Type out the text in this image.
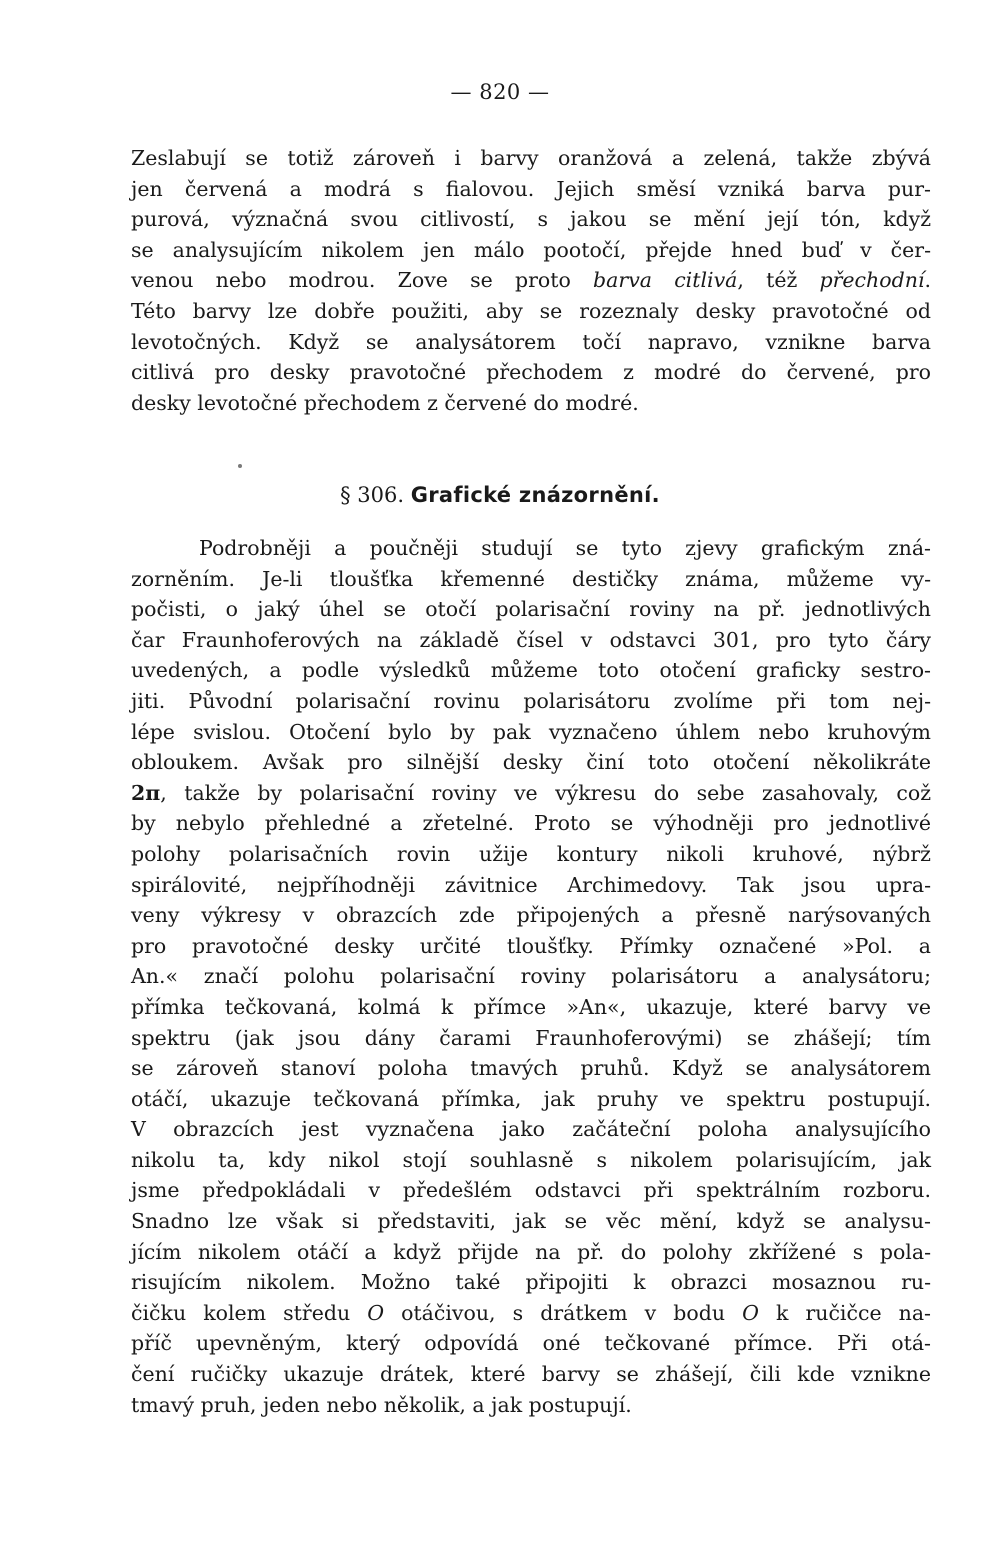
— 820 —
Zeslabují se totiž zároveň i barvy oranžová a zelená, takže zbývá
jen červená a modrá s fialovou. Jejich směsí vzniká barva pur-
purová, význačná svou citlivostí, s jakou se mění její tón, když
se analysujícím nikolem jen málo pootočí, přejde hned buď v čer-
venou nebo modrou. Zove se proto barva citlivá, též přechodní.
Této barvy lze dobře použiti, aby se rozeznaly desky pravotočné od
levotočných. Když se analysátorem točí napravo, vznikne barva
citlivá pro desky pravotočné přechodem z modré do červené, pro
desky levotočné přechodem z červené do modré.
§ 306. Grafické znázornění.
Podrobněji a poučněji studují se tyto zjevy grafickým zná-
zorněním. Je-li tloušťka křemenné destičky známa, můžeme vy-
počisti, o jaký úhel se otočí polarisační roviny na př. jednotlivých
čar Fraunhoferových na základě čísel v odstavci 301, pro tyto čáry
uvedených, a podle výsledků můžeme toto otočení graficky sestro-
jiti. Původní polarisační rovinu polarisátoru zvolíme při tom nej-
lépe svislou. Otočení bylo by pak vyznačeno úhlem nebo kruhovým
obloukem. Avšak pro silnější desky činí toto otočení několikráte
2π, takže by polarisační roviny ve výkresu do sebe zasahovaly, což
by nebylo přehledné a zřetelné. Proto se výhodněji pro jednotlivé
polohy polarisačních rovin užije kontury nikoli kruhové, nýbrž
spirálovité, nejpříhodněji závitnice Archimedovy. Tak jsou upra-
veny výkresy v obrazcích zde připojených a přesně narýsovaných
pro pravotočné desky určité tloušťky. Přímky označené »Pol. a
An.« značí polohu polarisační roviny polarisátoru a analysátoru;
přímka tečkovaná, kolmá k přímce »An«, ukazuje, které barvy ve
spektru (jak jsou dány čarami Fraunhoferovými) se zhášejí; tím
se zároveň stanoví poloha tmavých pruhů. Když se analysátorem
otáčí, ukazuje tečkovaná přímka, jak pruhy ve spektru postupují.
V obrazcích jest vyznačena jako začáteční poloha analysujícího
nikolu ta, kdy nikol stojí souhlasně s nikolem polarisujícím, jak
jsme předpokládali v předešlém odstavci při spektrálním rozboru.
Snadno lze však si představiti, jak se věc mění, když se analysu-
jícím nikolem otáčí a když přijde na př. do polohy zkřížené s pola-
risujícím nikolem. Možno také připojiti k obrazci mosaznou ru-
čičku kolem středu O otáčivou, s drátkem v bodu O k ručičce na-
příč upevněným, který odpovídá oné tečkované přímce. Při otá-
čení ručičky ukazuje drátek, které barvy se zhášejí, čili kde vznikne
tmavý pruh, jeden nebo několik, a jak postupují.
